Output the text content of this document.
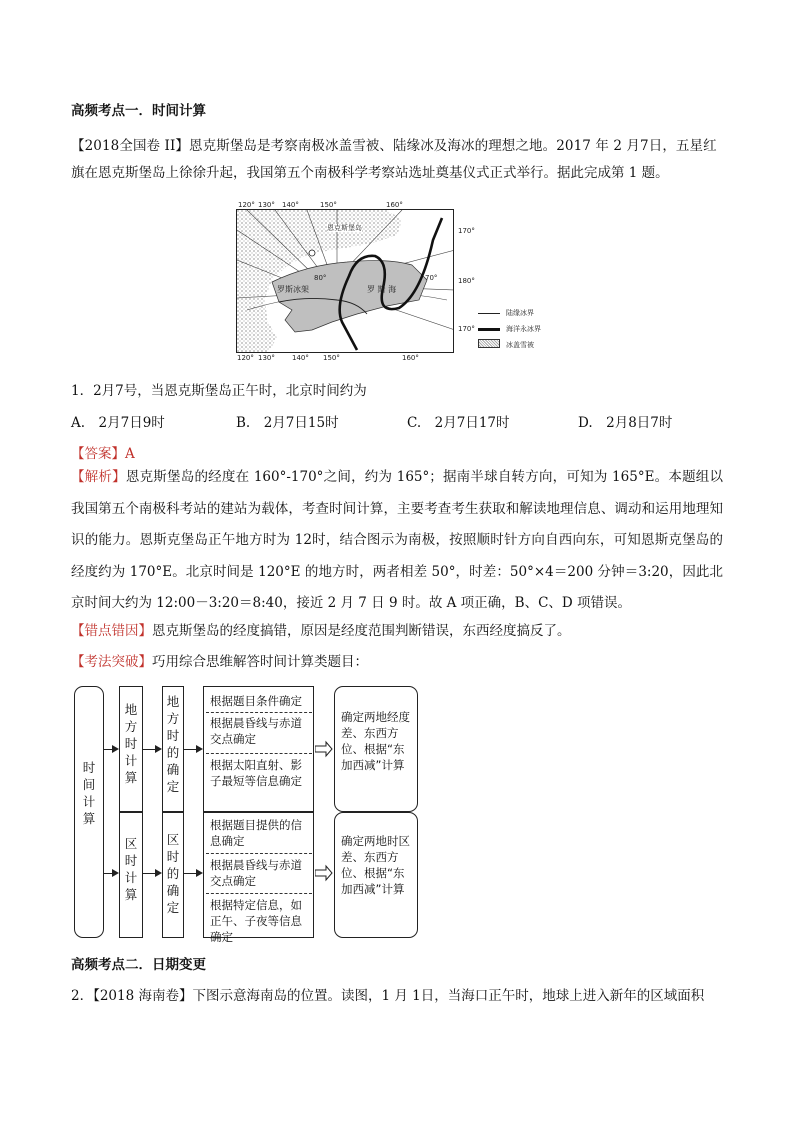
高频考点一．时间计算
【2018全国卷 II】恩克斯堡岛是考察南极冰盖雪被、陆缘冰及海冰的理想之地。2017 年 2 月7日，五星红
旗在恩克斯堡岛上徐徐升起，我国第五个南极科学考察站选址奠基仪式正式举行。据此完成第 1 题。
120° 130° 140°	150°	160°
恩克斯堡岛
80°	70°
罗斯冰架	罗 斯 海
170°
180°
170°
120° 130° 140° 150°	160°
陆缘冰界
海洋永冰界
冰盖雪被
1．2月7号，当恩克斯堡岛正午时，北京时间约为
A.　2月7日9时	B.　2月7日15时	C.　2月7日17时	D.　2月8日7时
【答案】A
【解析】恩克斯堡岛的经度在 160°-170°之间，约为 165°；据南半球自转方向，可知为 165°E。本题组以我国第五个南极科考站的建站为载体，考查时间计算，主要考查考生获取和解读地理信息、调动和运用地理知识的能力。恩斯克堡岛正午地方时为 12时，结合图示为南极，按照顺时针方向自西向东，可知恩斯克堡岛的经度约为 170°E。北京时间是 120°E 的地方时，两者相差 50°，时差：50°×4＝200 分钟＝3:20，因此北京时间大约为 12:00－3:20＝8:40，接近 2 月 7 日 9 时。故 A 项正确，B、C、D 项错误。
【错点错因】恩克斯堡岛的经度搞错，原因是经度范围判断错误，东西经度搞反了。
【考法突破】巧用综合思维解答时间计算类题目：
时间计算
地方时计算
地方时的确定
根据题目条件确定
根据晨昏线与赤道交点确定
根据太阳直射、影子最短等信息确定
确定两地经度差、东西方位、根据“东加西减”计算
区时计算
区时的确定
根据题目提供的信息确定
根据晨昏线与赤道交点确定
根据特定信息，如正午、子夜等信息确定
确定两地时区差、东西方位、根据“东加西减”计算
高频考点二．日期变更
2．【2018 海南卷】下图示意海南岛的位置。读图，1 月 1日，当海口正午时，地球上进入新年的区域面积
